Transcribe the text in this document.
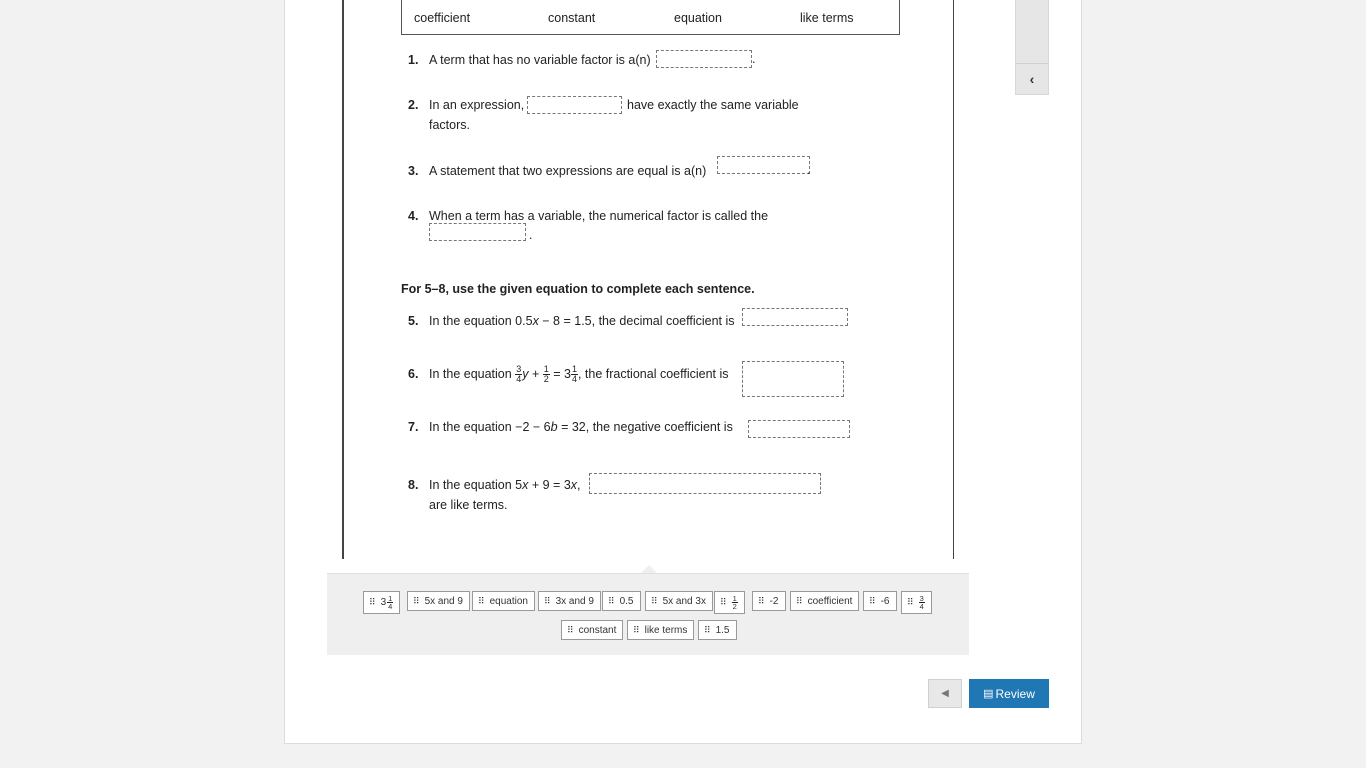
‹
coefficient	constant	equation	like terms
1. A term that has no variable factor is a(n)	.
2. In an expression,	have exactly the same variable
factors.
3. A statement that two expressions are equal is a(n)	.
4. When a term has a variable, the numerical factor is called the
.
For 5–8, use the given equation to complete each sentence.
5. In the equation 0.5x − 8 = 1.5, the decimal coefficient is
6. In the equation $\frac{3}{4}$ $y + \frac{1}{2} = 3 \frac{1}{4}$ , the fractional coefficient is
7. In the equation −2 − 6b = 32, the negative coefficient is
8. In the equation 5x + 9 = 3x,
are like terms.
⠿ $3 \frac{1}{4}$ ⠿ 5x and 9 ⠿ equation ⠿ 3x and 9 ⠿ 0.5 ⠿ 5x and 3x ⠿ $\frac{1}{2}$ ⠿ -2 ⠿ coefficient ⠿ -6 ⠿ $\frac{3}{4}$
⠿ constant ⠿ like terms ⠿ 1.5
◀	▤ Review
